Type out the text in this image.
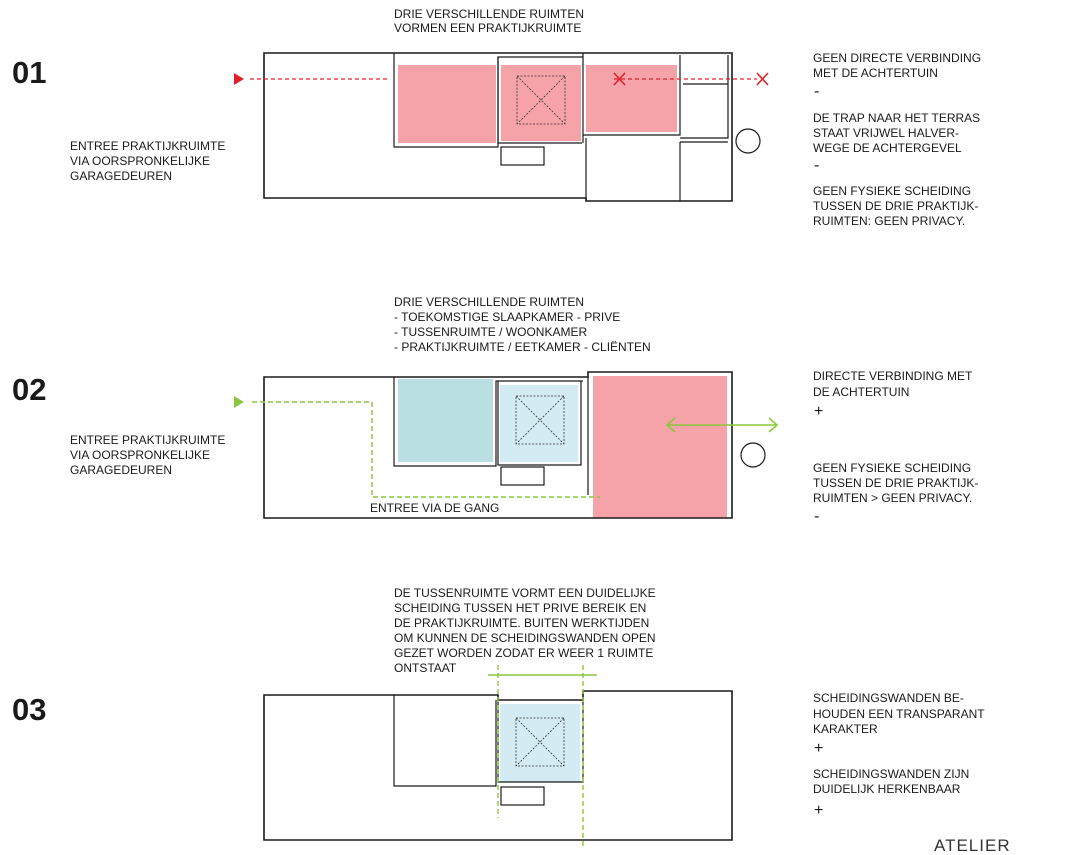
01
02
03
DRIE VERSCHILLENDE RUIMTEN
VORMEN EEN PRAKTIJKRUIMTE
ENTREE PRAKTIJKRUIMTE
VIA OORSPRONKELIJKE
GARAGEDEUREN
GEEN DIRECTE VERBINDING
MET DE ACHTERTUIN
-
DE TRAP NAAR HET TERRAS
STAAT VRIJWEL HALVER-
WEGE DE ACHTERGEVEL
-
GEEN FYSIEKE SCHEIDING
TUSSEN DE DRIE PRAKTIJK-
RUIMTEN: GEEN PRIVACY.
DRIE VERSCHILLENDE RUIMTEN
- TOEKOMSTIGE SLAAPKAMER - PRIVE
- TUSSENRUIMTE / WOONKAMER
- PRAKTIJKRUIMTE / EETKAMER - CLIËNTEN
ENTREE PRAKTIJKRUIMTE
VIA OORSPRONKELIJKE
GARAGEDEUREN
ENTREE VIA DE GANG
DIRECTE VERBINDING MET
DE ACHTERTUIN
+
GEEN FYSIEKE SCHEIDING
TUSSEN DE DRIE PRAKTIJK-
RUIMTEN > GEEN PRIVACY.
-
DE TUSSENRUIMTE VORMT EEN DUIDELIJKE
SCHEIDING TUSSEN HET PRIVE BEREIK EN
DE PRAKTIJKRUIMTE. BUITEN WERKTIJDEN
OM KUNNEN DE SCHEIDINGSWANDEN OPEN
GEZET WORDEN ZODAT ER WEER 1 RUIMTE
ONTSTAAT
SCHEIDINGSWANDEN BE-
HOUDEN EEN TRANSPARANT
KARAKTER
+
SCHEIDINGSWANDEN ZIJN
DUIDELIJK HERKENBAAR
+
ATELIER
